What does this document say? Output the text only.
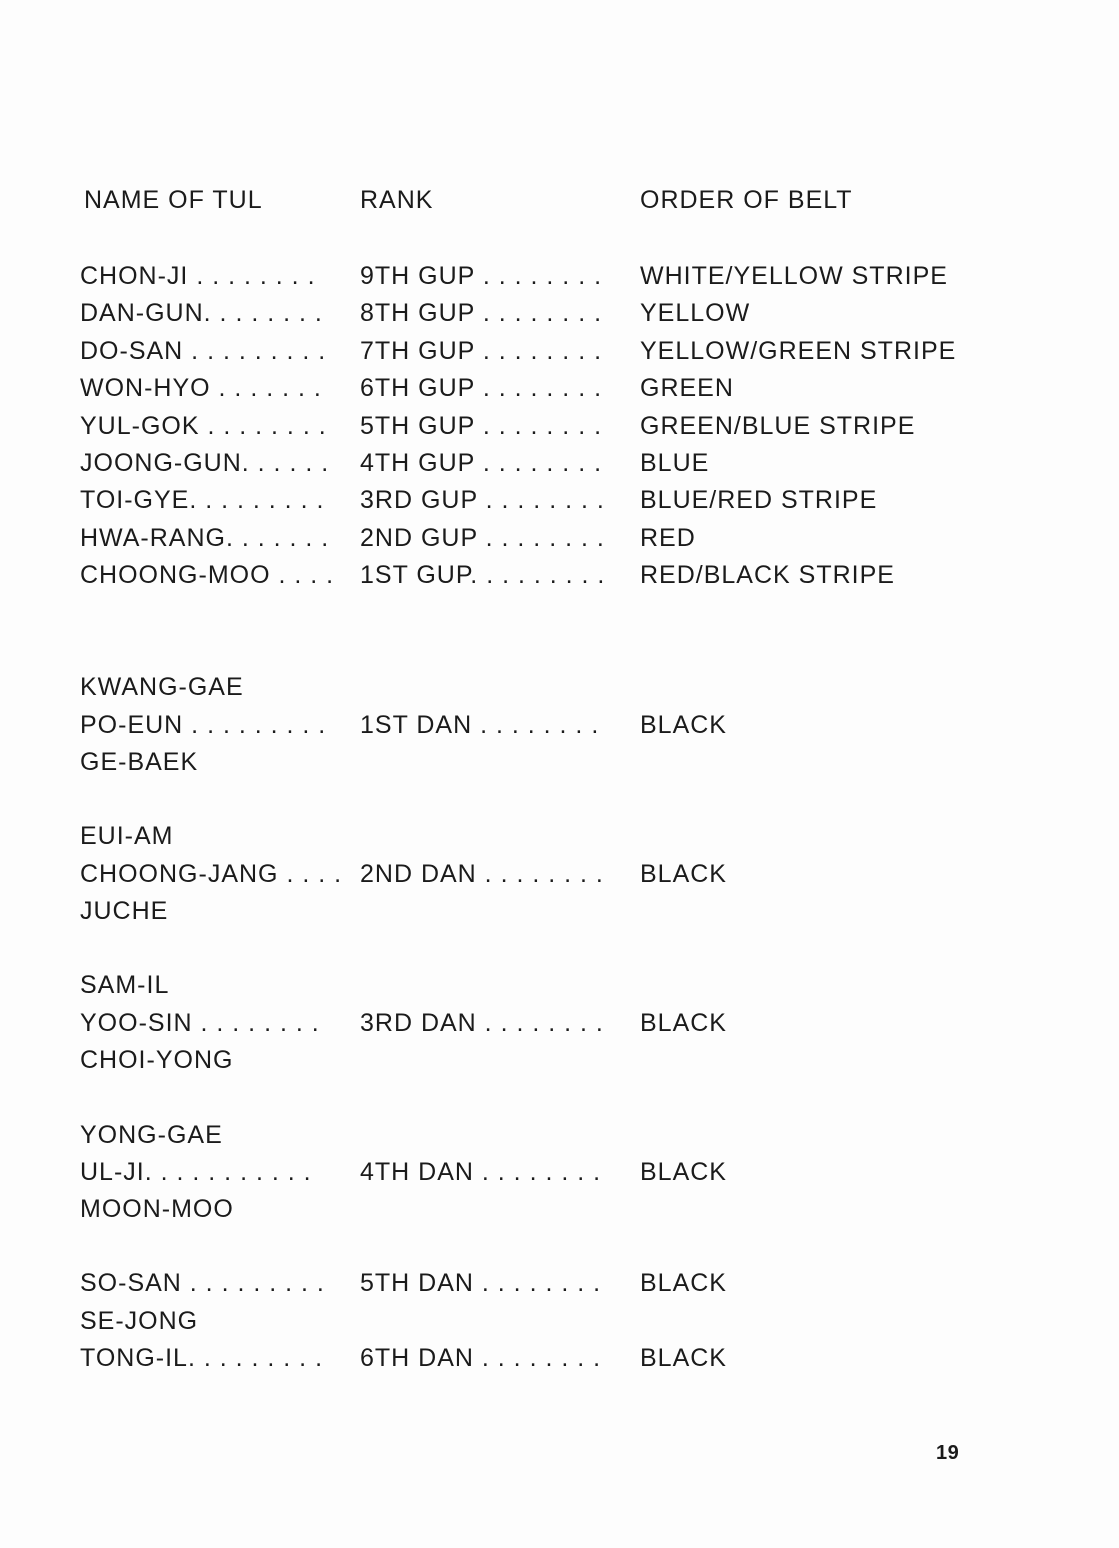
NAME OF TUL	RANK	ORDER OF BELT
CHON-JI . . . . . . . .	9TH GUP . . . . . . . .	WHITE/YELLOW STRIPE
DAN-GUN. . . . . . . .	8TH GUP . . . . . . . .	YELLOW
DO-SAN . . . . . . . . .	7TH GUP . . . . . . . .	YELLOW/GREEN STRIPE
WON-HYO . . . . . . .	6TH GUP . . . . . . . .	GREEN
YUL-GOK . . . . . . . .	5TH GUP . . . . . . . .	GREEN/BLUE STRIPE
JOONG-GUN. . . . . .	4TH GUP . . . . . . . .	BLUE
TOI-GYE. . . . . . . . .	3RD GUP . . . . . . . .	BLUE/RED STRIPE
HWA-RANG. . . . . . .	2ND GUP . . . . . . . .	RED
CHOONG-MOO . . . .	1ST GUP. . . . . . . . .	RED/BLACK STRIPE
KWANG-GAE
PO-EUN . . . . . . . . .	1ST DAN . . . . . . . .	BLACK
GE-BAEK
EUI-AM
CHOONG-JANG . . . . 2ND DAN . . . . . . . .	BLACK
JUCHE
SAM-IL
YOO-SIN . . . . . . . .	3RD DAN . . . . . . . .	BLACK
CHOI-YONG
YONG-GAE
UL-JI. . . . . . . . . . .	4TH DAN . . . . . . . .	BLACK
MOON-MOO
SO-SAN . . . . . . . . .	5TH DAN . . . . . . . .	BLACK
SE-JONG
TONG-IL. . . . . . . . .	6TH DAN . . . . . . . .	BLACK
19
